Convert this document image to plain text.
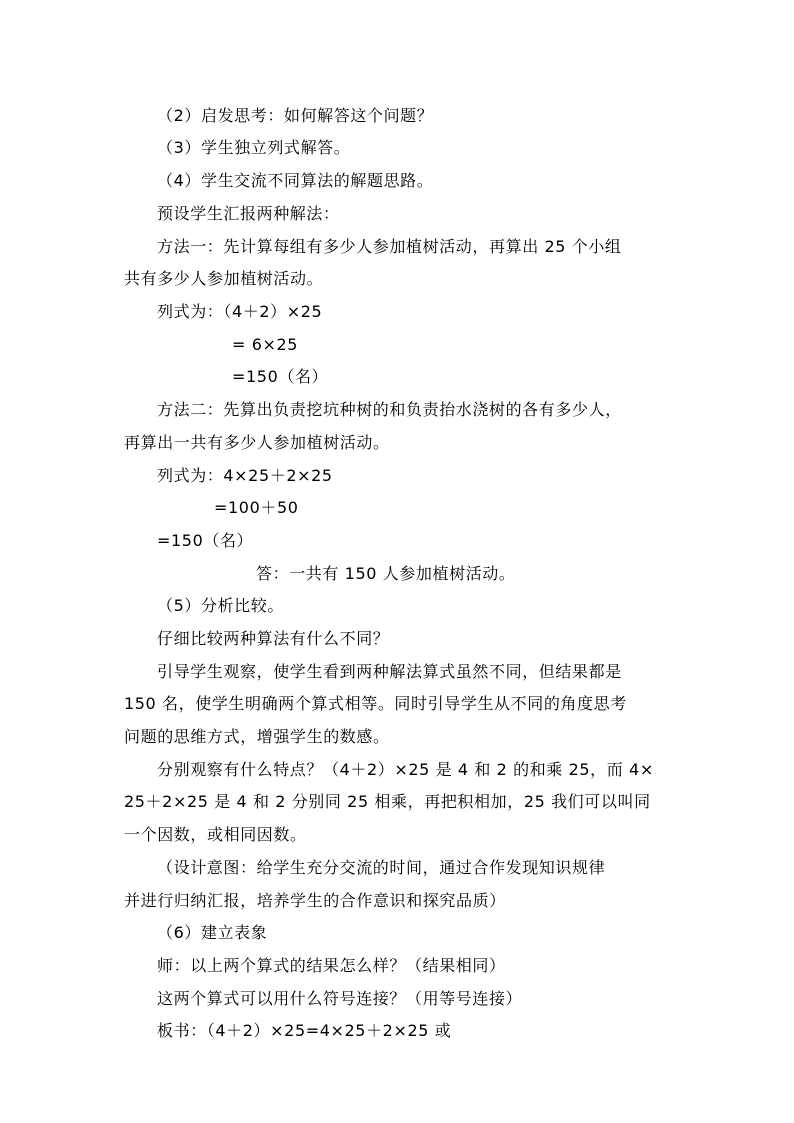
（2）启发思考：如何解答这个问题？
（3）学生独立列式解答。
（4）学生交流不同算法的解题思路。
预设学生汇报两种解法：
方法一：先计算每组有多少人参加植树活动，再算出 25 个小组
共有多少人参加植树活动。
列式为：（4＋2）×25
= 6×25
=150（名）
方法二：先算出负责挖坑种树的和负责抬水浇树的各有多少人，
再算出一共有多少人参加植树活动。
列式为：4×25＋2×25
=100＋50
=150（名）
答：一共有 150 人参加植树活动。
（5）分析比较。
仔细比较两种算法有什么不同？
引导学生观察，使学生看到两种解法算式虽然不同，但结果都是
150 名，使学生明确两个算式相等。同时引导学生从不同的角度思考
问题的思维方式，增强学生的数感。
分别观察有什么特点？（4＋2）×25 是 4 和 2 的和乘 25，而 4×
25＋2×25 是 4 和 2 分别同 25 相乘，再把积相加，25 我们可以叫同
一个因数，或相同因数。
（设计意图：给学生充分交流的时间，通过合作发现知识规律
并进行归纳汇报，培养学生的合作意识和探究品质）
（6）建立表象
师：以上两个算式的结果怎么样？（结果相同）
这两个算式可以用什么符号连接？（用等号连接）
板书：（4＋2）×25=4×25＋2×25 或
